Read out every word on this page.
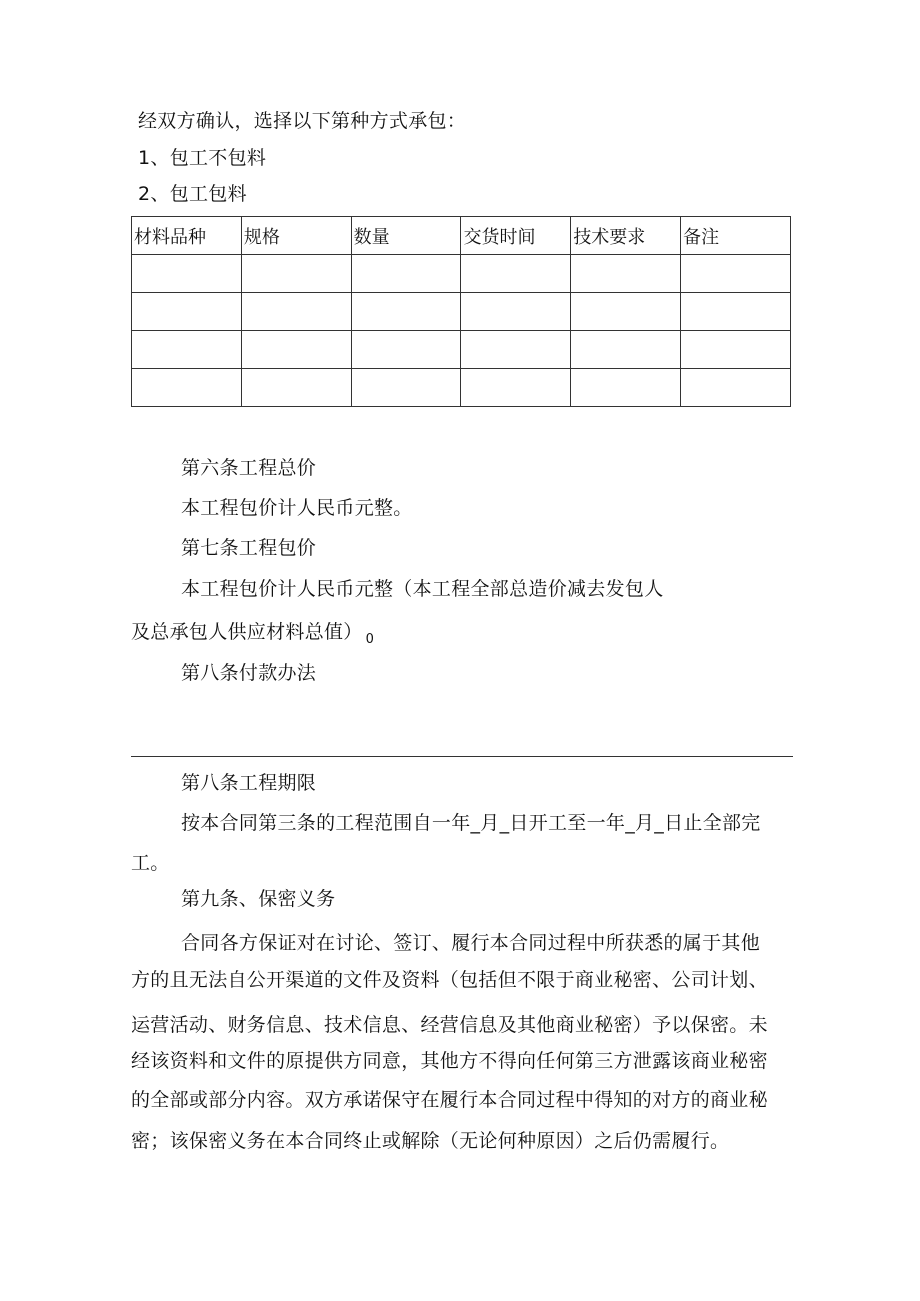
经双方确认，选择以下第种方式承包：
1、包工不包料
2、包工包料
材料品种	规格	数量	交货时间	技术要求	备注

第六条工程总价
本工程包价计人民币元整。
第七条工程包价
本工程包价计人民币元整（本工程全部总造价减去发包人
及总承包人供应材料总值） $_0$
第八条付款办法
第八条工程期限
按本合同第三条的工程范围自一年_月_日开工至一年_月_日止全部完
工。
第九条、保密义务
合同各方保证对在讨论、签订、履行本合同过程中所获悉的属于其他
方的且无法自公开渠道的文件及资料（包括但不限于商业秘密、公司计划、
运营活动、财务信息、技术信息、经营信息及其他商业秘密）予以保密。未
经该资料和文件的原提供方同意，其他方不得向任何第三方泄露该商业秘密
的全部或部分内容。双方承诺保守在履行本合同过程中得知的对方的商业秘
密；该保密义务在本合同终止或解除（无论何种原因）之后仍需履行。
